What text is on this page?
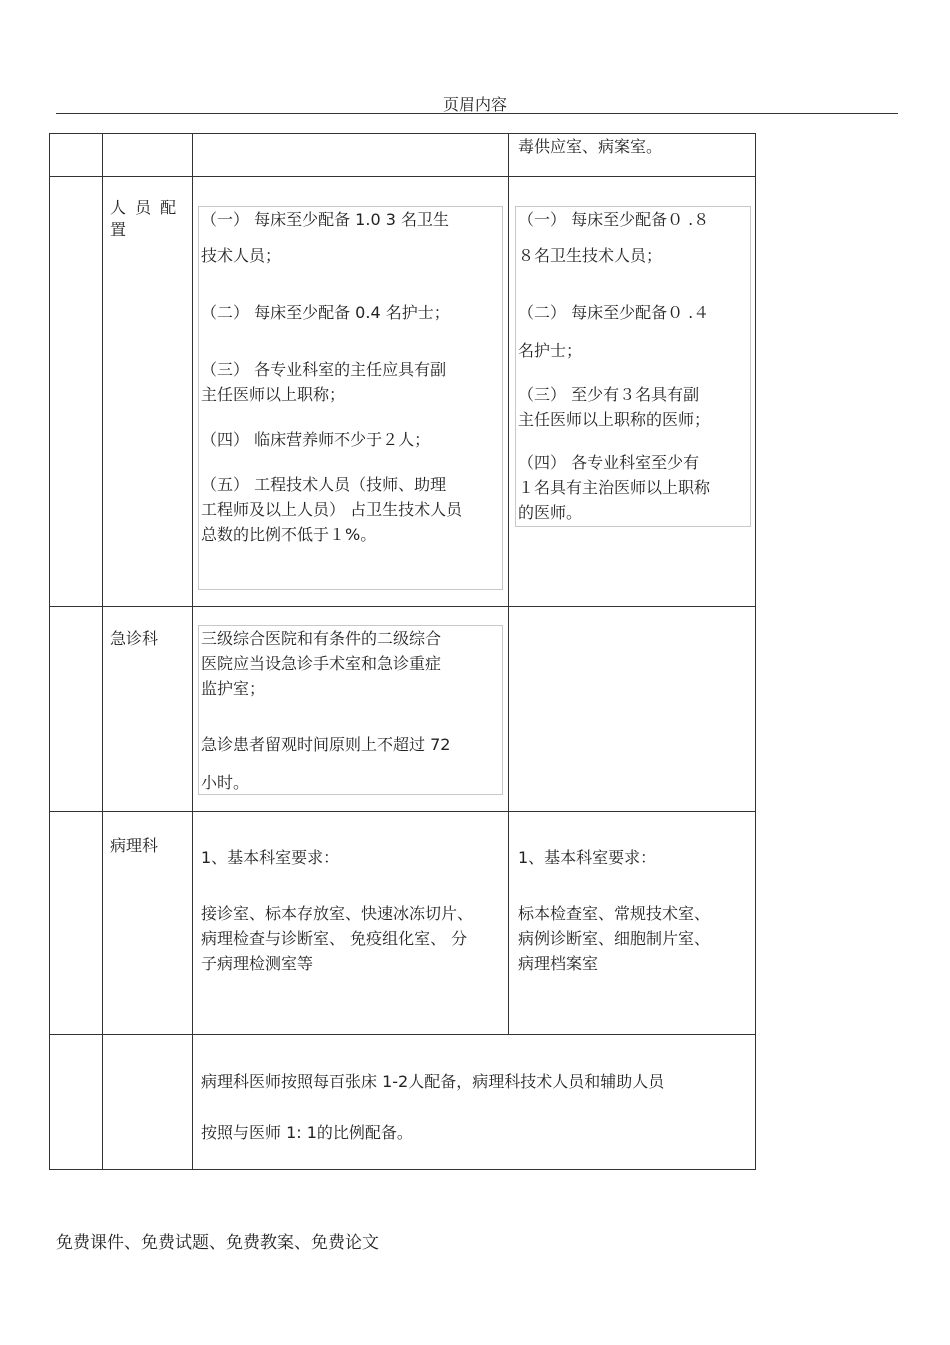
页眉内容
毒供应室、病案室。
人 员 配
置
（一） 每床至少配备 1.0 3 名卫生
技术人员；
（二） 每床至少配备 0.4 名护士；
（三） 各专业科室的主任应具有副
主任医师以上职称；
（四） 临床营养师不少于２人；
（五） 工程技术人员（技师、助理
工程师及以上人员） 占卫生技术人员
总数的比例不低于１%。
（一） 每床至少配备０ .８
８名卫生技术人员；
（二） 每床至少配备０ .４
名护士；
（三） 至少有３名具有副
主任医师以上职称的医师；
（四） 各专业科室至少有
１名具有主治医师以上职称
的医师。
急诊科	三级综合医院和有条件的二级综合
医院应当设急诊手术室和急诊重症
监护室；
急诊患者留观时间原则上不超过 72
小时。
病理科
1、基本科室要求：
接诊室、标本存放室、快速冰冻切片、
病理检查与诊断室、 免疫组化室、 分
子病理检测室等
1、基本科室要求：
标本检查室、常规技术室、
病例诊断室、细胞制片室、
病理档案室
病理科医师按照每百张床 1-2人配备，病理科技术人员和辅助人员
按照与医师 1: 1的比例配备。
免费课件、免费试题、免费教案、免费论文
